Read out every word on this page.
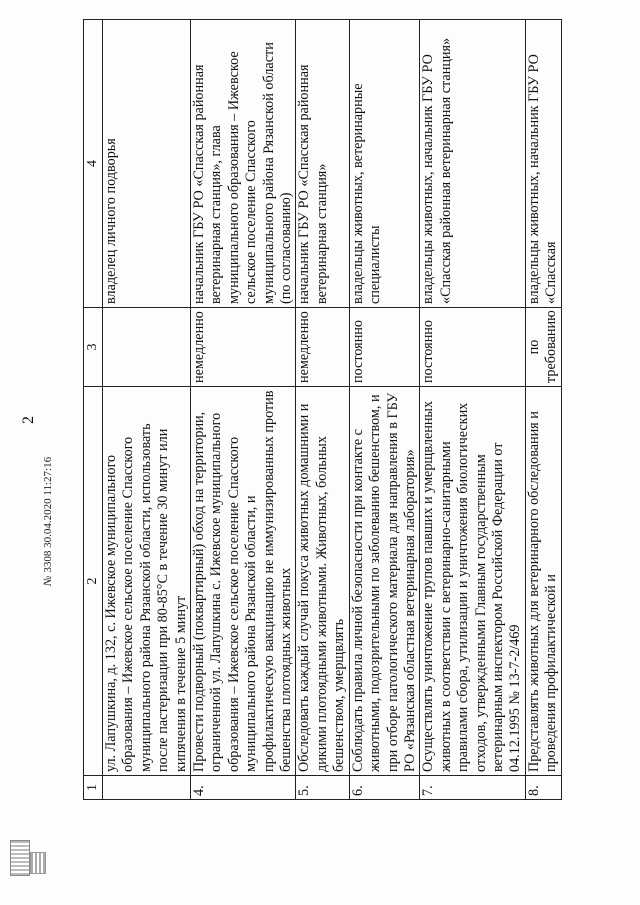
2
1	2	3	4
	ул. Лапушкина, д. 132, с. Ижевское муниципального образования – Ижевское сельское поселение Спасского муниципального района Рязанской области, использовать после пастеризации при 80-85°С в течение 30 минут или кипячения в течение 5 минут		владелец личного подворья
4.	Провести подворный (поквартирный) обход на территории, ограниченной ул. Лапушкина с. Ижевское муниципального образования – Ижевское сельское поселение Спасского муниципального района Рязанской области, и профилактическую вакцинацию не иммунизированных против бешенства плотоядных животных	немедленно	начальник ГБУ РО «Спасская районная ветеринарная станция», глава муниципального образования – Ижевское сельское поселение Спасского муниципального района Рязанской области (по согласованию)
5.	Обследовать каждый случай покуса животных домашними и дикими плотоядными животными. Животных, больных бешенством, умерщвлять	немедленно	начальник ГБУ РО «Спасская районная ветеринарная станция»
6.	Соблюдать правила личной безопасности при контакте с животными, подозрительными по заболеванию бешенством, и при отборе патологического материала для направления в ГБУ РО «Рязанская областная ветеринарная лаборатория»	постоянно	владельцы животных, ветеринарные специалисты
7.	Осуществлять уничтожение трупов павших и умерщвленных животных в соответствии с ветеринарно-санитарными правилами сбора, утилизации и уничтожения биологических отходов, утвержденными Главным государственным ветеринарным инспектором Российской Федерации от 04.12.1995 № 13-7-2/469	постоянно	владельцы животных, начальник ГБУ РО «Спасская районная ветеринарная станция»
8.	Представлять животных для ветеринарного обследования и проведения профилактической и	по требованию	владельцы животных, начальник ГБУ РО «Спасская
№3308 30.04.2020 11:27:16
